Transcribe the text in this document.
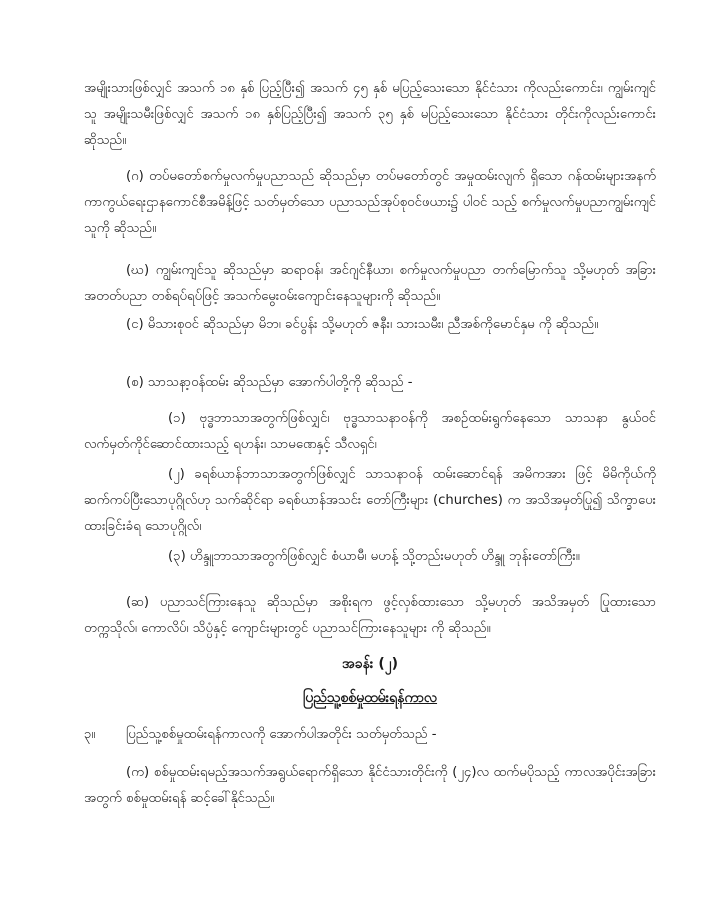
အမျိုးသားဖြစ်လျှင် အသက် ၁၈ နှစ် ပြည့်ပြီး၍ အသက် ၄၅ နှစ် မပြည့်သေးသော နိုင်ငံသား ကိုလည်းကောင်း၊ ကျွမ်းကျင်သူ အမျိုးသမီးဖြစ်လျှင် အသက် ၁၈ နှစ်ပြည့်ပြီး၍ အသက် ၃၅ နှစ် မပြည့်သေးသော နိုင်ငံသား တိုင်းကိုလည်းကောင်း ဆိုသည်။

(ဂ) တပ်မတော်စက်မှုလက်မှုပညာသည် ဆိုသည်မှာ တပ်မတော်တွင် အမှုထမ်းလျက် ရှိသော ဂန်ထမ်းများအနက် ကာကွယ်ရေးဌာနကောင်စီအမိန့်ဖြင့် သတ်မှတ်သော ပညာသည်အုပ်စုဝင်ဖယား၌ ပါဝင် သည့် စက်မှုလက်မှုပညာကျွမ်းကျင်သူကို ဆိုသည်။

(ဃ) ကျွမ်းကျင်သူ ဆိုသည်မှာ ဆရာဝန်၊ အင်ဂျင်နီယာ၊ စက်မှုလက်မှုပညာ တက်မြောက်သူ သို့မဟုတ် အခြားအတတ်ပညာ တစ်ရပ်ရပ်ဖြင့် အသက်မွေးဝမ်းကျောင်းနေသူများကို ဆိုသည်။

(င) မိသားစုဝင် ဆိုသည်မှာ မိဘ၊ ခင်ပွန်း သို့မဟုတ် ဇနီး၊ သားသမီး၊ ညီအစ်ကိုမောင်နှမ ကို ဆိုသည်။

(စ) သာသနာ့ဝန်ထမ်း ဆိုသည်မှာ အောက်ပါတို့ကို ဆိုသည် -

(၁) ဗုဒ္ဓဘာသာအတွက်ဖြစ်လျှင်၊ ဗုဒ္ဓသာသနာဝန်ကို အစဉ်ထမ်းရွက်နေသော သာသနာ နွယ်ဝင် လက်မှတ်ကိုင်ဆောင်ထားသည့် ရဟန်း၊ သာမဏေနှင့် သီလရှင်၊

(၂) ခရစ်ယာန်ဘာသာအတွက်ဖြစ်လျှင် သာသနာဝန် ထမ်းဆောင်ရန် အမိကအား ဖြင့် မိမိကိုယ်ကို ဆက်ကပ်ပြီးသောပုဂ္ဂိုလ်ဟု သက်ဆိုင်ရာ ခရစ်ယာန်အသင်း တော်ကြီးများ (churches) က အသိအမှတ်ပြု၍ သိက္ခာပေးထားခြင်းခံရ သောပုဂ္ဂိုလ်၊

(၃) ဟိန္ဒူဘာသာအတွက်ဖြစ်လျှင် စံယာမီ၊ မဟန့် သို့တည်းမဟုတ် ဟိန္ဒူ ဘုန်းတော်ကြီး။

(ဆ) ပညာသင်ကြားနေသူ ဆိုသည်မှာ အစိုးရက ဖွင့်လှစ်ထားသော သို့မဟုတ် အသိအမှတ် ပြုထားသော တက္ကသိုလ်၊ ကောလိပ်၊ သိပ္ပံနှင့် ကျောင်းများတွင် ပညာသင်ကြားနေသူများ ကို ဆိုသည်။

အခန်း (၂)

ပြည်သူ့စစ်မှုထမ်းရန်ကာလ

၃။ ပြည်သူ့စစ်မှုထမ်းရန်ကာလကို အောက်ပါအတိုင်း သတ်မှတ်သည် -

(က) စစ်မှုထမ်းရမည့်အသက်အရွယ်ရောက်ရှိသော နိုင်ငံသားတိုင်းကို (၂၄)လ ထက်မပိုသည့် ကာလအပိုင်းအခြားအတွက် စစ်မှုထမ်းရန် ဆင့်ခေါ်နိုင်သည်။
